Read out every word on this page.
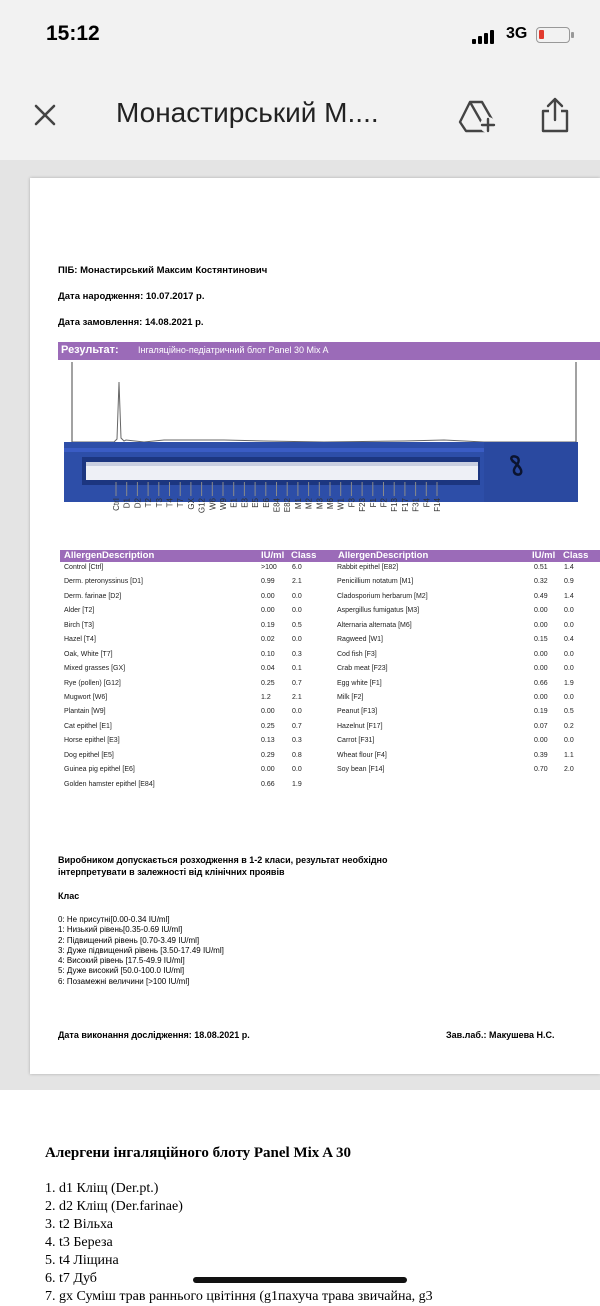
15:12	3G
Монастирський М....
ПІБ: Монастирський Максим Костянтинович
Дата народження: 10.07.2017 р.
Дата замовлення: 14.08.2021 р.
Результат: Інгаляційно-педіатричний блот Panel 30 Mix A
CtrI D1 D2 T2 T3 T4 T7 GX G12 W6 W9 E1 E3 E5 E6 E84 E82 M1 M2 M3 M6 W1 F3 F23 F1 F2 F13 F17 F31 F4 F14
AllergenDescription	IU/ml Class AllergenDescription	IU/ml Class
Control [Ctrl]	>100 6.0
Derm. pteronyssinus [D1]	0.99 2.1
Derm. farinae [D2]	0.00 0.0
Alder [T2]	0.00 0.0
Birch [T3]	0.19 0.5
Hazel [T4]	0.02 0.0
Oak, White [T7]	0.10 0.3
Mixed grasses [GX]	0.04 0.1
Rye (pollen) [G12]	0.25 0.7
Mugwort [W6]	1.2	2.1
Plantain [W9]	0.00 0.0
Cat epithel [E1]	0.25 0.7
Horse epithel [E3]	0.13 0.3
Dog epithel [E5]	0.29 0.8
Guinea pig epithel [E6]	0.00 0.0
Golden hamster epithel [E84]	0.66 1.9
Rabbit epithel [E82]	0.51 1.4
Penicillium notatum [M1]	0.32 0.9
Cladosporium herbarum [M2]	0.49 1.4
Aspergillus fumigatus [M3]	0.00 0.0
Alternaria alternata [M6]	0.00 0.0
Ragweed [W1]	0.15 0.4
Cod fish [F3]	0.00 0.0
Crab meat [F23]	0.00 0.0
Egg white [F1]	0.66 1.9
Milk [F2]	0.00 0.0
Peanut [F13]	0.19 0.5
Hazelnut [F17]	0.07 0.2
Carrot [F31]	0.00 0.0
Wheat flour [F4]	0.39 1.1
Soy bean [F14]	0.70 2.0
Виробником допускається розходження в 1-2 класи, результат необхідно
інтерпретувати в залежності від клінічних проявів
Клас
0: Не присутні[0.00-0.34 IU/ml]
1: Низький рівень[0.35-0.69 IU/ml]
2: Підвищений рівень [0.70-3.49 IU/ml]
3: Дуже підвищений рівень [3.50-17.49 IU/ml]
4: Високий рівень [17.5-49.9 IU/ml]
5: Дуже високий [50.0-100.0 IU/ml]
6: Позамежні величини [>100 IU/ml]
Дата виконання дослідження: 18.08.2021 р.	Зав.лаб.: Макушева Н.С.
Алергени інгаляційного блоту Panel Mix A 30
1. d1 Кліщ (Der.pt.)
2. d2 Кліщ (Der.farinae)
3. t2 Вільха
4. t3 Береза
5. t4 Ліщина
6. t7 Дуб
7. gx Суміш трав раннього цвітіння (g1пахуча трава звичайна, g3
